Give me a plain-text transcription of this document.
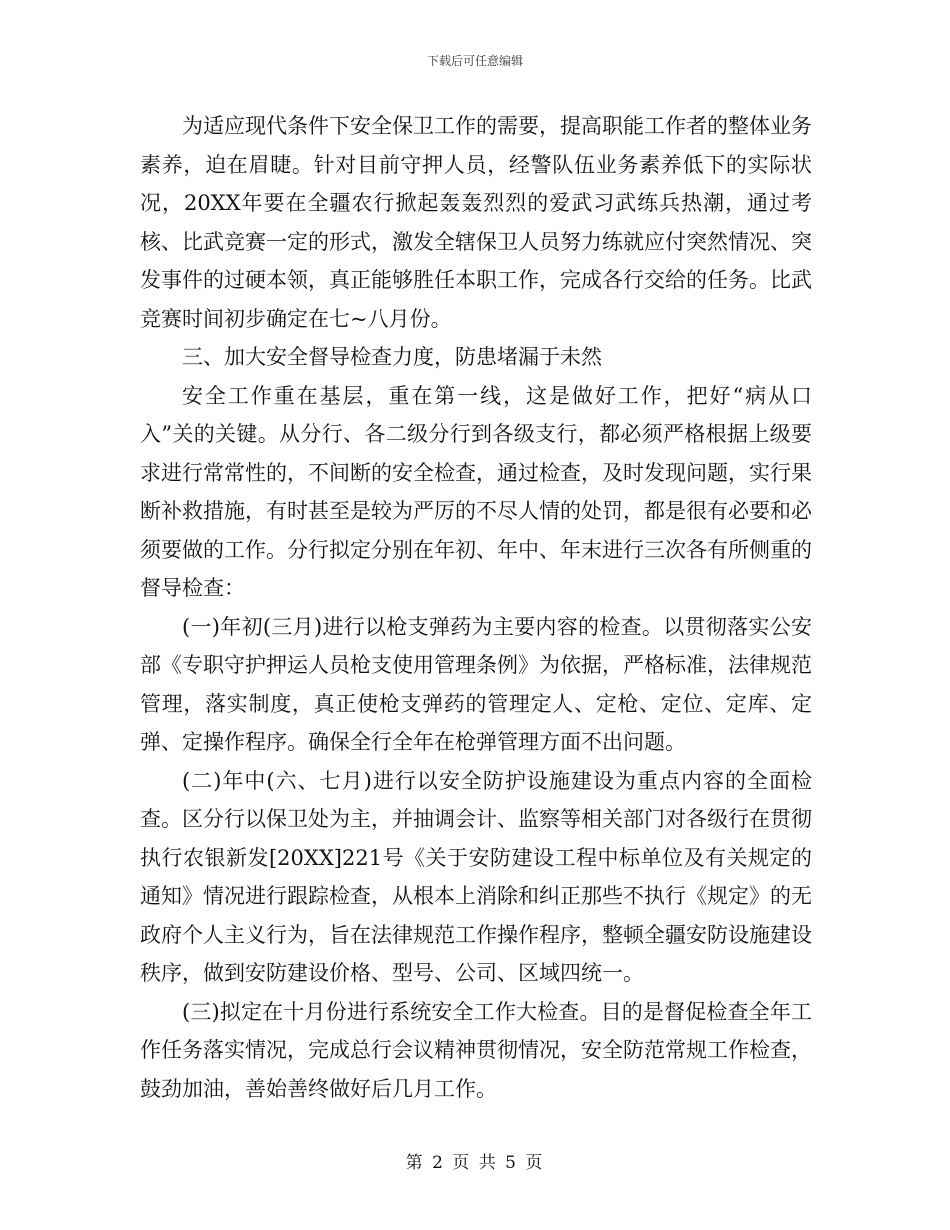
下载后可任意编辑

为适应现代条件下安全保卫工作的需要，提高职能工作者的整体业务素养，迫在眉睫。针对目前守押人员，经警队伍业务素养低下的实际状况，20XX年要在全疆农行掀起轰轰烈烈的爱武习武练兵热潮，通过考核、比武竞赛一定的形式，激发全辖保卫人员努力练就应付突然情况、突发事件的过硬本领，真正能够胜任本职工作，完成各行交给的任务。比武竞赛时间初步确定在七~八月份。

三、加大安全督导检查力度，防患堵漏于未然

安全工作重在基层，重在第一线，这是做好工作，把好“病从口入”关的关键。从分行、各二级分行到各级支行，都必须严格根据上级要求进行常常性的，不间断的安全检查，通过检查，及时发现问题，实行果断补救措施，有时甚至是较为严厉的不尽人情的处罚，都是很有必要和必须要做的工作。分行拟定分别在年初、年中、年末进行三次各有所侧重的督导检查：

(一)年初(三月)进行以枪支弹药为主要内容的检查。以贯彻落实公安部《专职守护押运人员枪支使用管理条例》为依据，严格标准，法律规范管理，落实制度，真正使枪支弹药的管理定人、定枪、定位、定库、定弹、定操作程序。确保全行全年在枪弹管理方面不出问题。

(二)年中(六、七月)进行以安全防护设施建设为重点内容的全面检查。区分行以保卫处为主，并抽调会计、监察等相关部门对各级行在贯彻执行农银新发[20XX]221号《关于安防建设工程中标单位及有关规定的通知》情况进行跟踪检查，从根本上消除和纠正那些不执行《规定》的无政府个人主义行为，旨在法律规范工作操作程序，整顿全疆安防设施建设秩序，做到安防建设价格、型号、公司、区域四统一。

(三)拟定在十月份进行系统安全工作大检查。目的是督促检查全年工作任务落实情况，完成总行会议精神贯彻情况，安全防范常规工作检查，鼓劲加油，善始善终做好后几月工作。

第 2 页 共 5 页
